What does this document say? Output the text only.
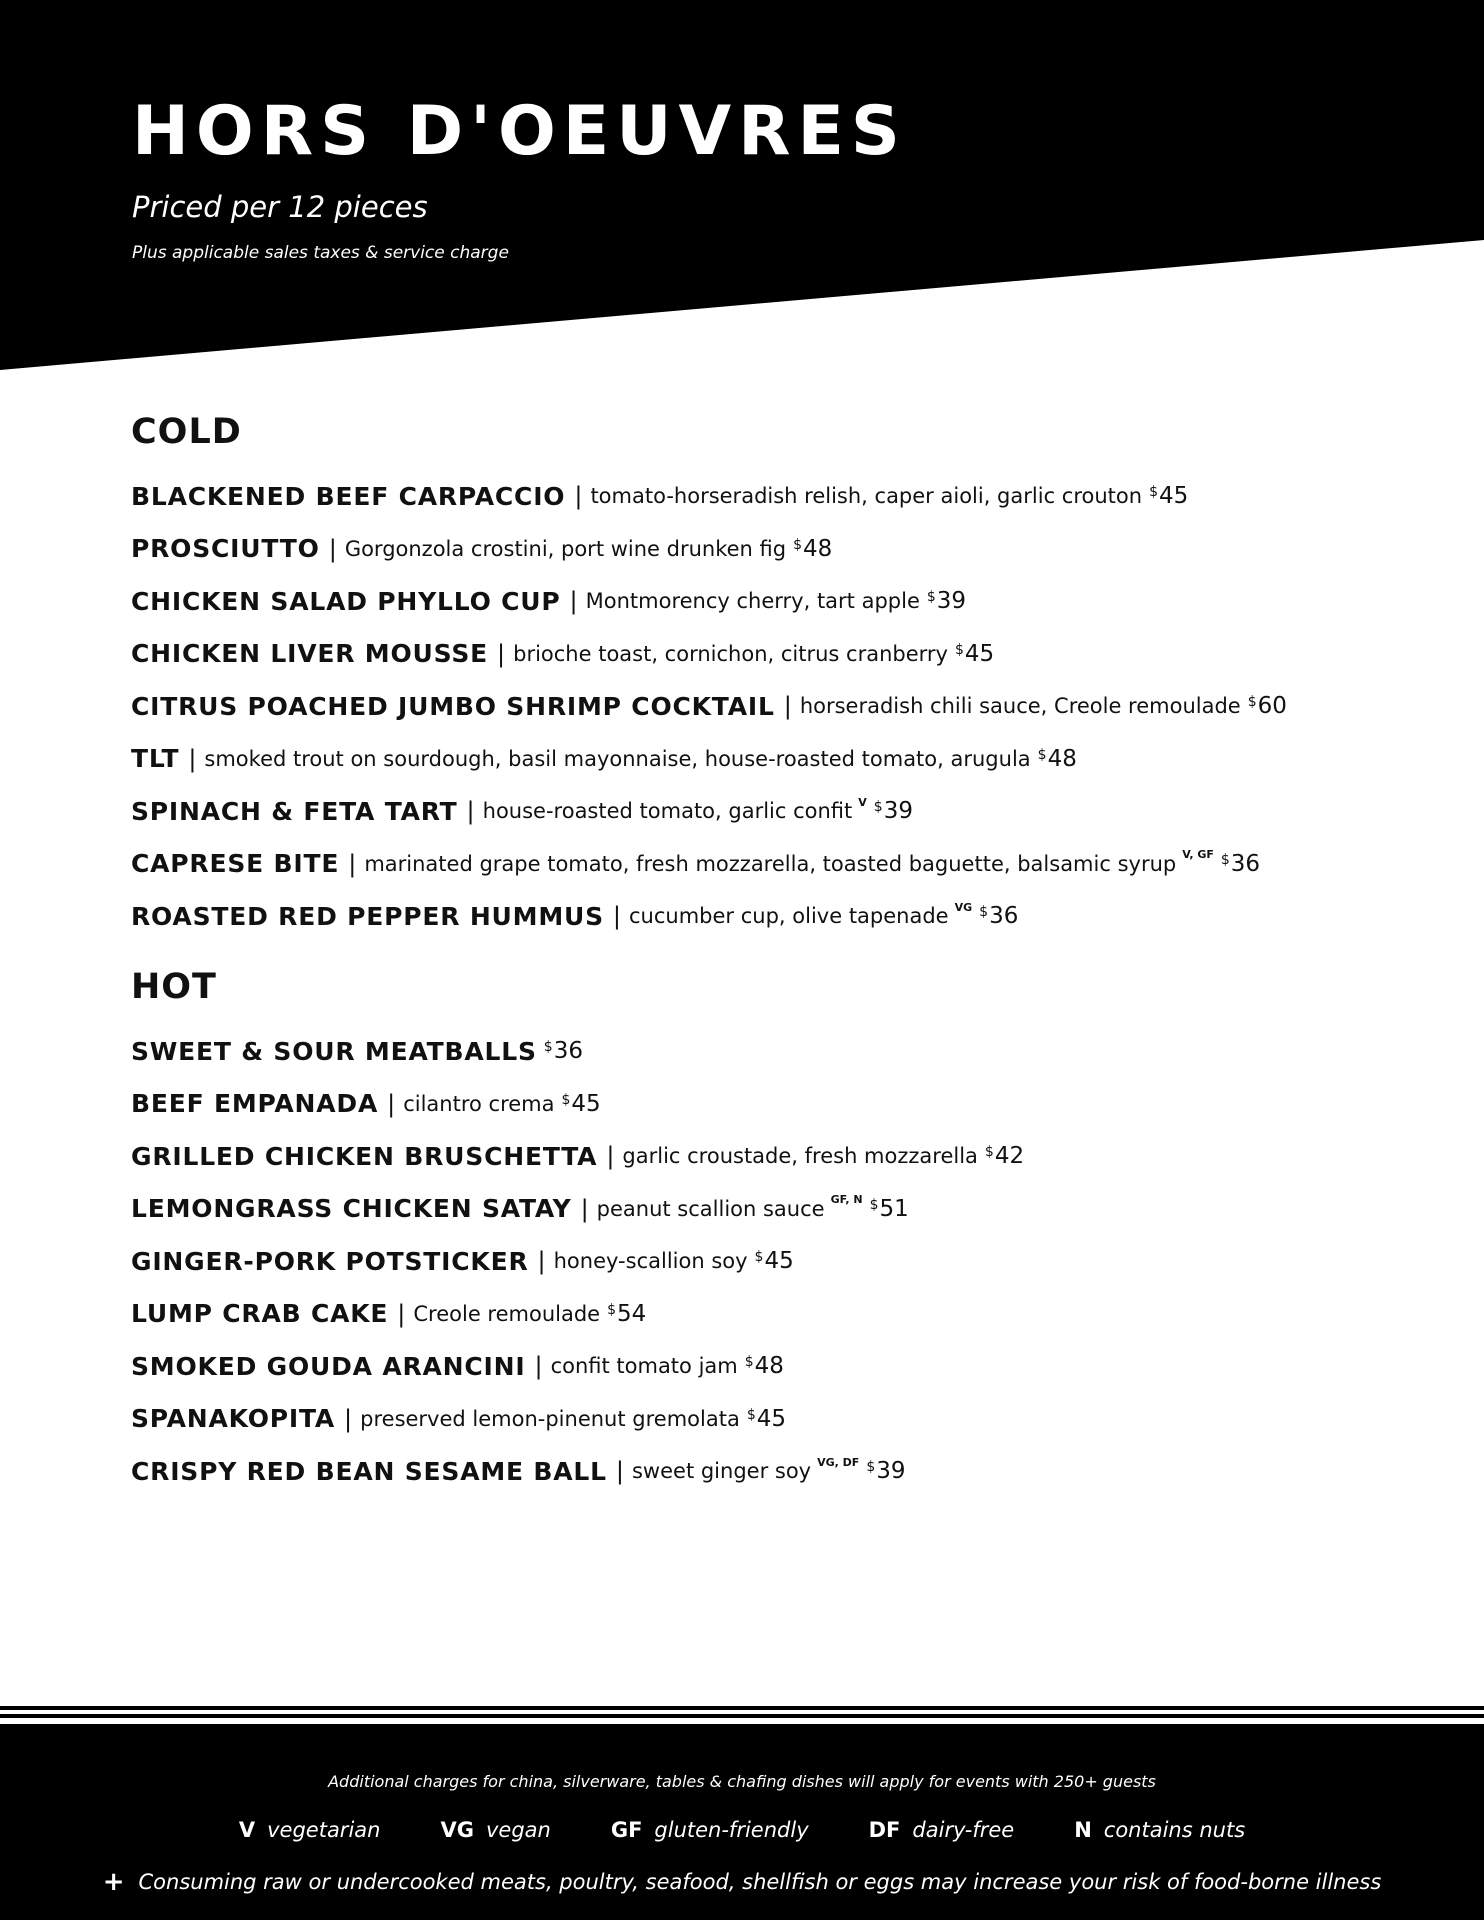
HORS D'OEUVRES
Priced per 12 pieces
Plus applicable sales taxes & service charge
COLD
BLACKENED BEEF CARPACCIO | tomato-horseradish relish, caper aioli, garlic crouton $45
PROSCIUTTO | Gorgonzola crostini, port wine drunken fig $48
CHICKEN SALAD PHYLLO CUP | Montmorency cherry, tart apple $39
CHICKEN LIVER MOUSSE | brioche toast, cornichon, citrus cranberry $45
CITRUS POACHED JUMBO SHRIMP COCKTAIL | horseradish chili sauce, Creole remoulade $60
TLT | smoked trout on sourdough, basil mayonnaise, house-roasted tomato, arugula $48
SPINACH & FETA TART | house-roasted tomato, garlic confit V $39
CAPRESE BITE | marinated grape tomato, fresh mozzarella, toasted baguette, balsamic syrup V, GF $36
ROASTED RED PEPPER HUMMUS | cucumber cup, olive tapenade VG $36
HOT
SWEET & SOUR MEATBALLS $36
BEEF EMPANADA | cilantro crema $45
GRILLED CHICKEN BRUSCHETTA | garlic croustade, fresh mozzarella $42
LEMONGRASS CHICKEN SATAY | peanut scallion sauce GF, N $51
GINGER-PORK POTSTICKER | honey-scallion soy $45
LUMP CRAB CAKE | Creole remoulade $54
SMOKED GOUDA ARANCINI | confit tomato jam $48
SPANAKOPITA | preserved lemon-pinenut gremolata $45
CRISPY RED BEAN SESAME BALL | sweet ginger soy VG, DF $39
Additional charges for china, silverware, tables & chafing dishes will apply for events with 250+ guests
V vegetarian	VG vegan	GF gluten-friendly	DF dairy-free	N contains nuts
+ Consuming raw or undercooked meats, poultry, seafood, shellfish or eggs may increase your risk of food-borne illness
